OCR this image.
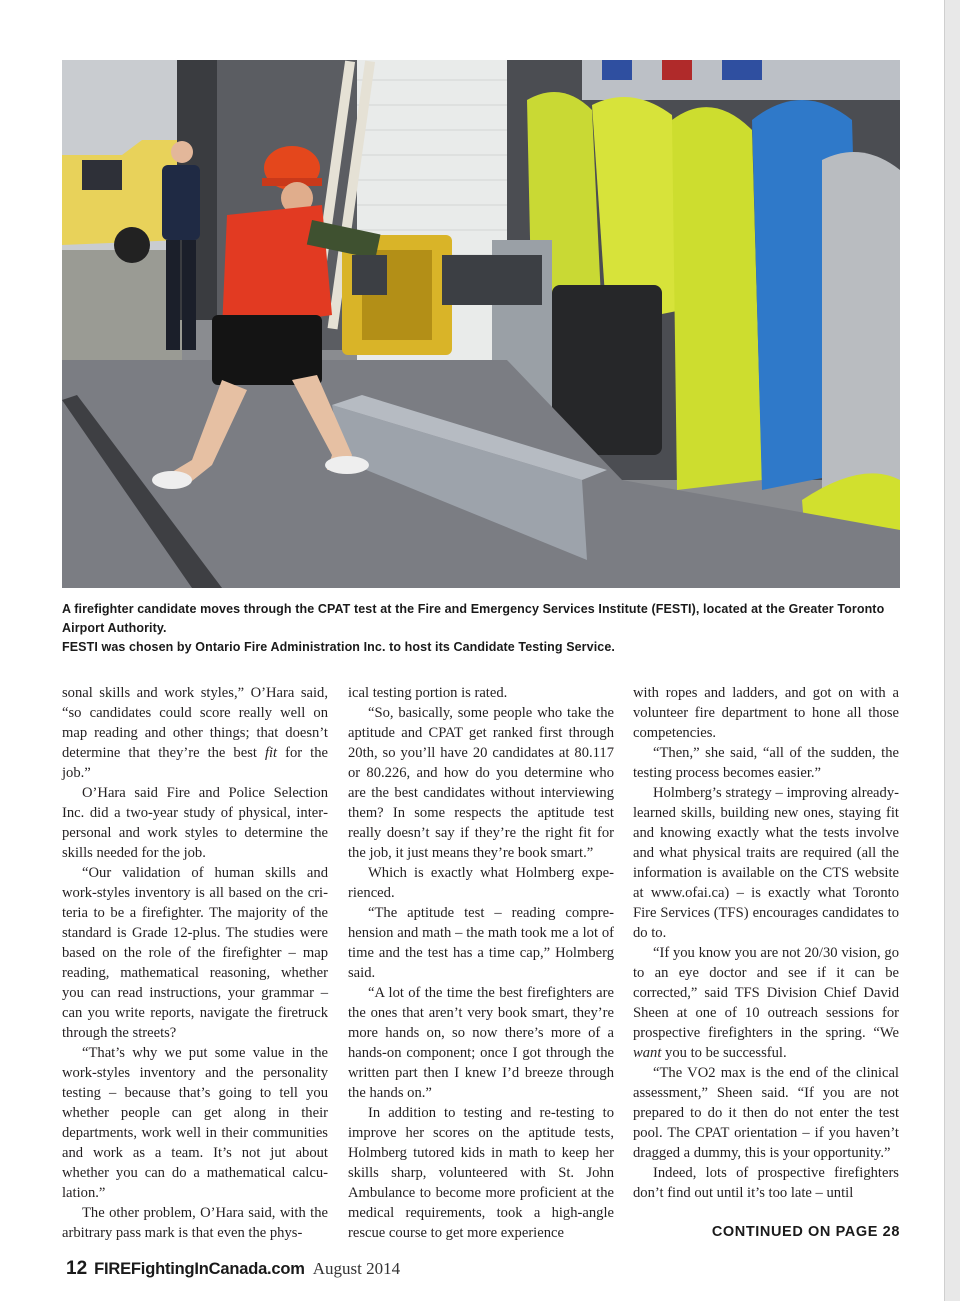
A firefighter candidate moves through the CPAT test at the Fire and Emergency Services Institute (FESTI), located at the Greater Toronto Airport Authority.

FESTI was chosen by Ontario Fire Administration Inc. to host its Candidate Testing Service.

sonal skills and work styles,” O’Hara said, “so candidates could score really well on map reading and other things; that doesn’t determine that they’re the best fit for the job.”

O’Hara said Fire and Police Selection Inc. did a two-year study of physical, interpersonal and work styles to determine the skills needed for the job.

“Our validation of human skills and work-styles inventory is all based on the criteria to be a firefighter. The majority of the standard is Grade 12-plus. The studies were based on the role of the firefighter – map reading, mathematical reasoning, whether you can read instructions, your grammar – can you write reports, navigate the firetruck through the streets?

“That’s why we put some value in the work-styles inventory and the personality testing – because that’s going to tell you whether people can get along in their departments, work well in their communities and work as a team. It’s not jut about whether you can do a mathematical calculation.”

The other problem, O’Hara said, with the arbitrary pass mark is that even the phys-

ical testing portion is rated.

“So, basically, some people who take the aptitude and CPAT get ranked first through 20th, so you’ll have 20 candidates at 80.117 or 80.226, and how do you determine who are the best candidates without interviewing them? In some respects the aptitude test really doesn’t say if they’re the right fit for the job, it just means they’re book smart.”

Which is exactly what Holmberg experienced.

“The aptitude test – reading comprehension and math – the math took me a lot of time and the test has a time cap,” Holmberg said.

“A lot of the time the best firefighters are the ones that aren’t very book smart, they’re more hands on, so now there’s more of a hands-on component; once I got through the written part then I knew I’d breeze through the hands on.”

In addition to testing and re-testing to improve her scores on the aptitude tests, Holmberg tutored kids in math to keep her skills sharp, volunteered with St. John Ambulance to become more proficient at the medical requirements, took a high-angle rescue course to get more experience

with ropes and ladders, and got on with a volunteer fire department to hone all those competencies.

“Then,” she said, “all of the sudden, the testing process becomes easier.”

Holmberg’s strategy – improving already-learned skills, building new ones, staying fit and knowing exactly what the tests involve and what physical traits are required (all the information is available on the CTS website at www.ofai.ca) – is exactly what Toronto Fire Services (TFS) encourages candidates to do to.

“If you know you are not 20/30 vision, go to an eye doctor and see if it can be corrected,” said TFS Division Chief David Sheen at one of 10 outreach sessions for prospective firefighters in the spring. “We want you to be successful.

“The VO2 max is the end of the clinical assessment,” Sheen said. “If you are not prepared to do it then do not enter the test pool. The CPAT orientation – if you haven’t dragged a dummy, this is your opportunity.”

Indeed, lots of prospective firefighters don’t find out until it’s too late – until

CONTINUED ON PAGE 28
12 FIREFightingInCanada.com August 2014
